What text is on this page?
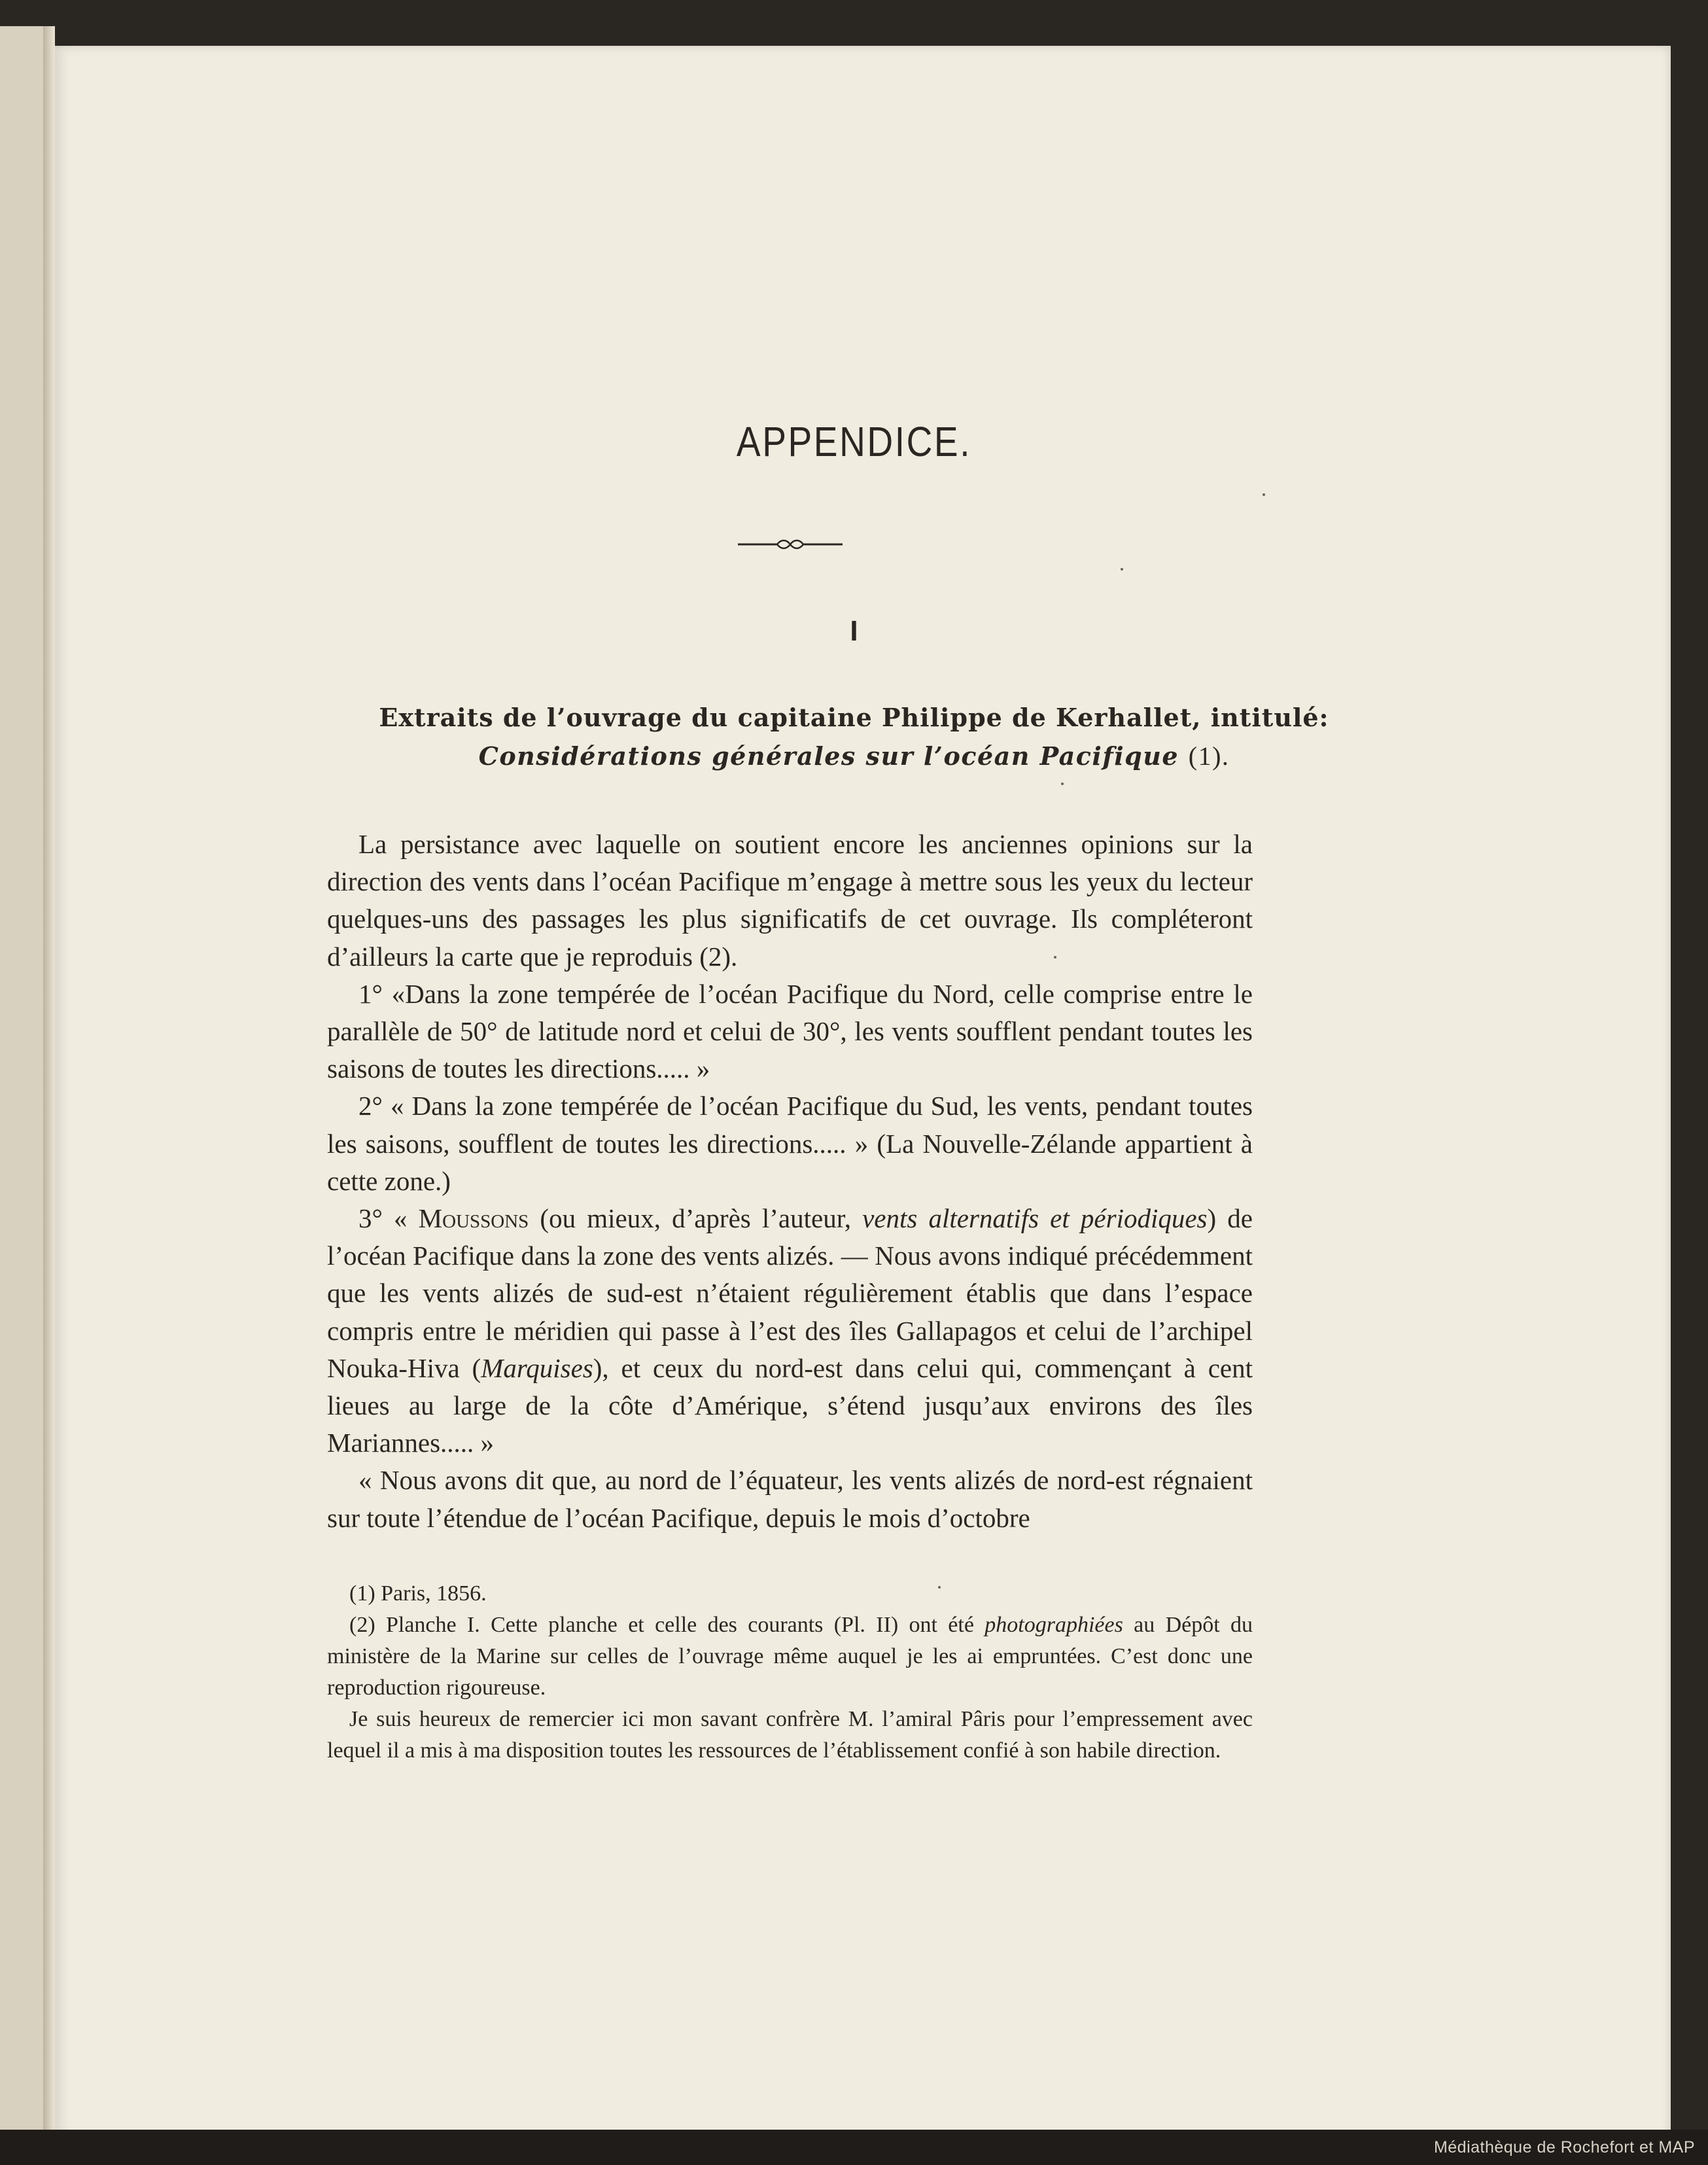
APPENDICE.
I
Extraits de l’ouvrage du capitaine Philippe de Kerhallet, intitulé:
Considérations générales sur l’océan Pacifique (1).

La persistance avec laquelle on soutient encore les anciennes opinions sur la direction des vents dans l’océan Pacifique m’engage à mettre sous les yeux du lecteur quelques-uns des passages les plus significatifs de cet ouvrage. Ils compléteront d’ailleurs la carte que je reproduis (2).

1° «Dans la zone tempérée de l’océan Pacifique du Nord, celle comprise entre le parallèle de 50° de latitude nord et celui de 30°, les vents soufflent pendant toutes les saisons de toutes les directions..... »

2° « Dans la zone tempérée de l’océan Pacifique du Sud, les vents, pendant toutes les saisons, soufflent de toutes les directions..... » (La Nouvelle-Zélande appartient à cette zone.)

3° « Moussons (ou mieux, d’après l’auteur, vents alternatifs et périodiques) de l’océan Pacifique dans la zone des vents alizés. — Nous avons indiqué précédemment que les vents alizés de sud-est n’étaient régulièrement établis que dans l’espace compris entre le méridien qui passe à l’est des îles Gallapagos et celui de l’archipel Nouka-Hiva (Marquises), et ceux du nord-est dans celui qui, commençant à cent lieues au large de la côte d’Amérique, s’étend jusqu’aux environs des îles Mariannes..... »

« Nous avons dit que, au nord de l’équateur, les vents alizés de nord-est régnaient sur toute l’étendue de l’océan Pacifique, depuis le mois d’octobre

(1) Paris, 1856.

(2) Planche I. Cette planche et celle des courants (Pl. II) ont été photographiées au Dépôt du ministère de la Marine sur celles de l’ouvrage même auquel je les ai empruntées. C’est donc une reproduction rigoureuse.

Je suis heureux de remercier ici mon savant confrère M. l’amiral Pâris pour l’empressement avec lequel il a mis à ma disposition toutes les ressources de l’établissement confié à son habile direction.

Médiathèque de Rochefort et MAP
